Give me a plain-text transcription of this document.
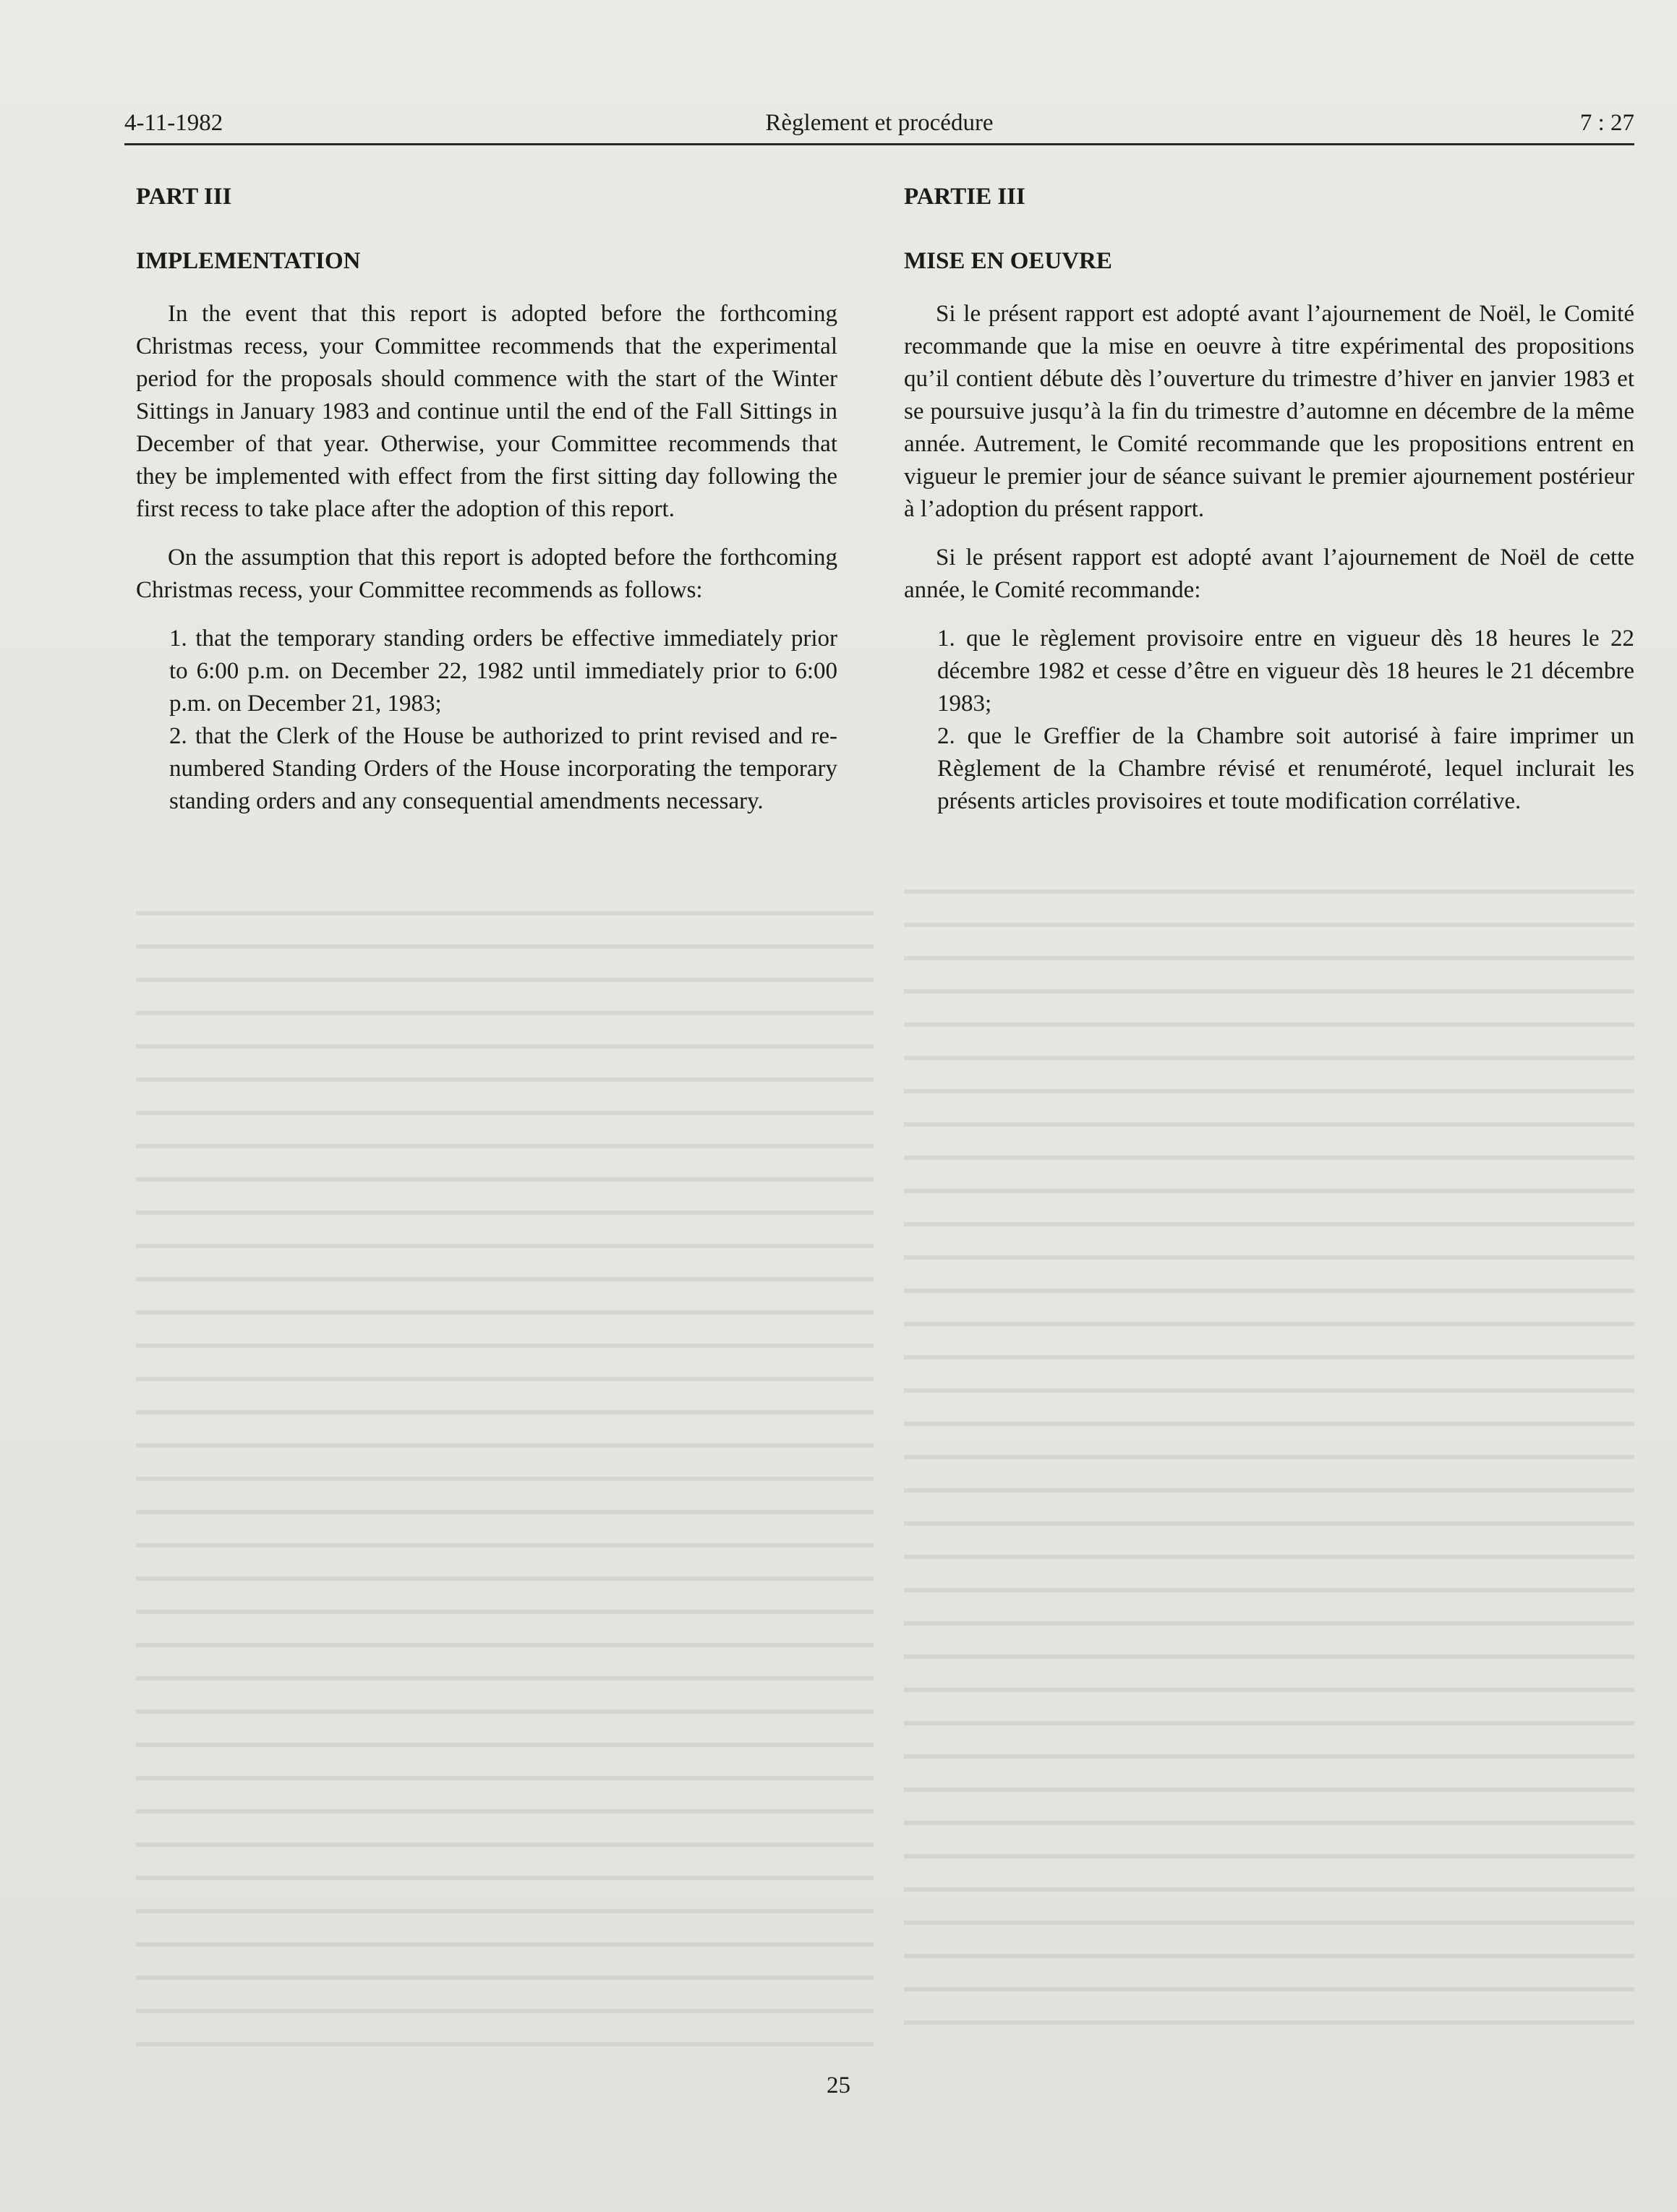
4-11-1982	Règlement et procédure	7 : 27
PART III
IMPLEMENTATION

In the event that this report is adopted before the forthcoming Christmas recess, your Committee recommends that the experimental period for the proposals should commence with the start of the Winter Sittings in January 1983 and continue until the end of the Fall Sittings in December of that year. Otherwise, your Committee recommends that they be implemented with effect from the first sitting day following the first recess to take place after the adoption of this report.

On the assumption that this report is adopted before the forthcoming Christmas recess, your Committee recommends as follows:

1. that the temporary standing orders be effective immediately prior to 6:00 p.m. on December 22, 1982 until immediately prior to 6:00 p.m. on December 21, 1983;
2. that the Clerk of the House be authorized to print revised and re-numbered Standing Orders of the House incorporating the temporary standing orders and any consequential amendments necessary.
PARTIE III
MISE EN OEUVRE

Si le présent rapport est adopté avant l’ajournement de Noël, le Comité recommande que la mise en oeuvre à titre expérimental des propositions qu’il contient débute dès l’ouverture du trimestre d’hiver en janvier 1983 et se poursuive jusqu’à la fin du trimestre d’automne en décembre de la même année. Autrement, le Comité recommande que les propositions entrent en vigueur le premier jour de séance suivant le premier ajournement postérieur à l’adoption du présent rapport.

Si le présent rapport est adopté avant l’ajournement de Noël de cette année, le Comité recommande:

1. que le règlement provisoire entre en vigueur dès 18 heures le 22 décembre 1982 et cesse d’être en vigueur dès 18 heures le 21 décembre 1983;
2. que le Greffier de la Chambre soit autorisé à faire imprimer un Règlement de la Chambre révisé et renuméroté, lequel inclurait les présents articles provisoires et toute modification corrélative.
25
